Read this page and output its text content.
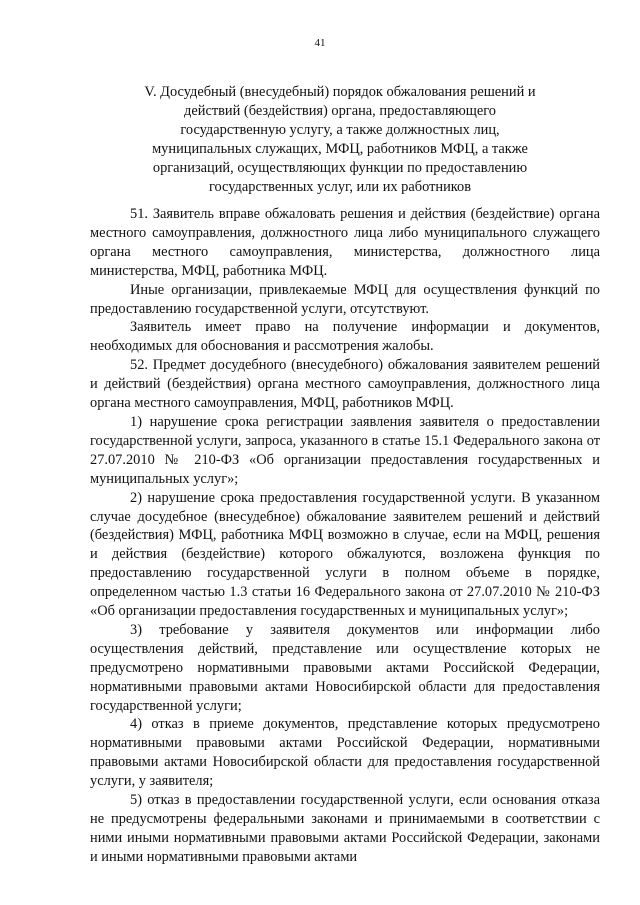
41
V. Досудебный (внесудебный) порядок обжалования решений и действий (бездействия) органа, предоставляющего государственную услугу, а также должностных лиц, муниципальных служащих, МФЦ, работников МФЦ, а также организаций, осуществляющих функции по предоставлению государственных услуг, или их работников

51. Заявитель вправе обжаловать решения и действия (бездействие) органа местного самоуправления, должностного лица либо муниципального служащего органа местного самоуправления, министерства, должностного лица министерства, МФЦ, работника МФЦ.

Иные организации, привлекаемые МФЦ для осуществления функций по предоставлению государственной услуги, отсутствуют.

Заявитель имеет право на получение информации и документов, необходимых для обоснования и рассмотрения жалобы.

52. Предмет досудебного (внесудебного) обжалования заявителем решений и действий (бездействия) органа местного самоуправления, должностного лица органа местного самоуправления, МФЦ, работников МФЦ.

1) нарушение срока регистрации заявления заявителя о предоставлении государственной услуги, запроса, указанного в статье 15.1 Федерального закона от 27.07.2010 № 210-ФЗ «Об организации предоставления государственных и муниципальных услуг»;

2) нарушение срока предоставления государственной услуги. В указанном случае досудебное (внесудебное) обжалование заявителем решений и действий (бездействия) МФЦ, работника МФЦ возможно в случае, если на МФЦ, решения и действия (бездействие) которого обжалуются, возложена функция по предоставлению государственной услуги в полном объеме в порядке, определенном частью 1.3 статьи 16 Федерального закона от 27.07.2010 № 210-ФЗ «Об организации предоставления государственных и муниципальных услуг»;

3) требование у заявителя документов или информации либо осуществления действий, представление или осуществление которых не предусмотрено нормативными правовыми актами Российской Федерации, нормативными правовыми актами Новосибирской области для предоставления государственной услуги;

4) отказ в приеме документов, представление которых предусмотрено нормативными правовыми актами Российской Федерации, нормативными правовыми актами Новосибирской области для предоставления государственной услуги, у заявителя;

5) отказ в предоставлении государственной услуги, если основания отказа не предусмотрены федеральными законами и принимаемыми в соответствии с ними иными нормативными правовыми актами Российской Федерации, законами и иными нормативными правовыми актами
